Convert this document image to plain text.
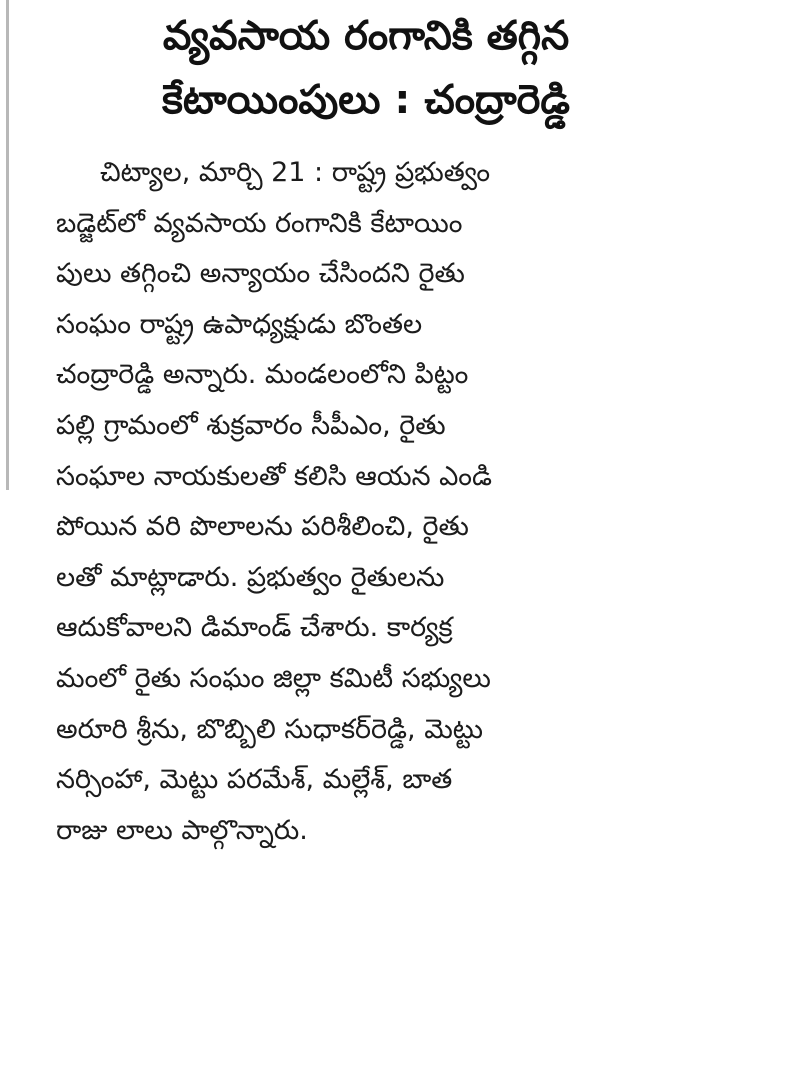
వ్యవసాయ రంగానికి తగ్గిన
కేటాయింపులు : చంద్రారెడ్డి
చిట్యాల, మార్చి 21 : రాష్ట్ర ప్రభుత్వం
బడ్జెట్‌లో వ్యవసాయ రంగానికి కేటాయిం
పులు తగ్గించి అన్యాయం చేసిందని రైతు
సంఘం రాష్ట్ర ఉపాధ్యక్షుడు బొంతల
చంద్రారెడ్డి అన్నారు. మండలంలోని పిట్టం
పల్లి గ్రామంలో శుక్రవారం సీపీఎం, రైతు
సంఘాల నాయకులతో కలిసి ఆయన ఎండి
పోయిన వరి పొలాలను పరిశీలించి, రైతు
లతో మాట్లాడారు. ప్రభుత్వం రైతులను
ఆదుకోవాలని డిమాండ్ చేశారు. కార్యక్ర
మంలో రైతు సంఘం జిల్లా కమిటీ సభ్యులు
అరూరి శ్రీను, బొబ్బిలి సుధాకర్‌రెడ్డి, మెట్టు
నర్సింహా, మెట్టు పరమేశ్, మల్లేశ్, బాత
రాజు లాలు పాల్గొన్నారు.
